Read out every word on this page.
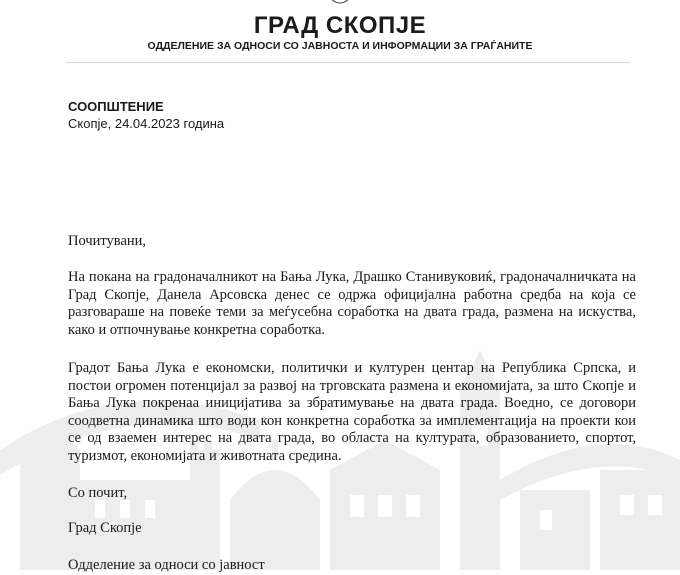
ГРАД СКОПЈЕ
ОДДЕЛЕНИЕ ЗА ОДНОСИ СО ЈАВНОСТА И ИНФОРМАЦИИ ЗА ГРАЃАНИТЕ
СООПШТЕНИЕ
Скопје, 24.04.2023 година
Почитувани,
На покана на градоначалникот на Бања Лука, Драшко Станивуковиќ, градоначалничката на Град Скопје, Данела Арсовска денес се одржа официјална работна средба на која се разговараше на повеќе теми за меѓусебна соработка на двата града, размена на искуства, како и отпочнување конкретна соработка.
Градот Бања Лука е економски, политички и културен центар на Република Српска, и постои огромен потенцијал за развој на трговската размена и економијата, за што Скопје и Бања Лука покренаа иницијатива за збратимување на двата града. Воедно, се договори соодветна динамика што води кон конкретна соработка за имплементација на проекти кои се од взаемен интерес на двата града, во областа на културата, образованието, спортот, туризмот, економијата и животната средина.
Со почит,
Град Скопје
Одделение за односи со јавност
